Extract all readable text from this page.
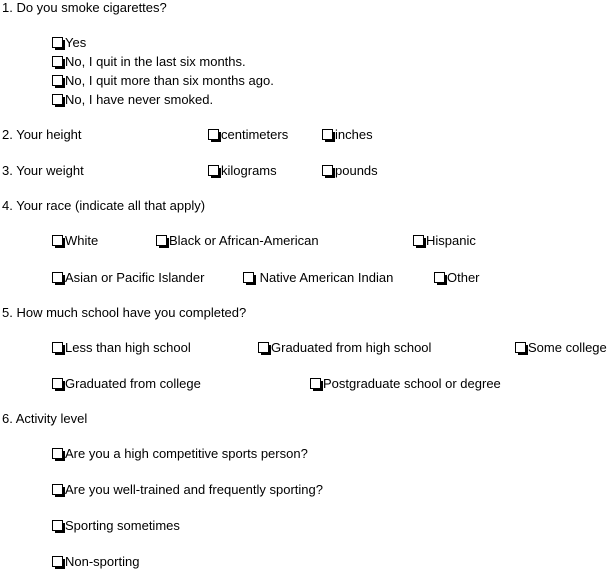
1. Do you smoke cigarettes?
Yes
No, I quit in the last six months.
No, I quit more than six months ago.
No, I have never smoked.
2. Your height	centimeters	inches
3. Your weight	kilograms	pounds
4. Your race (indicate all that apply)
White	Black or African-American	Hispanic
Asian or Pacific Islander	Native American Indian	Other
5. How much school have you completed?
Less than high school	Graduated from high school	Some college
Graduated from college	Postgraduate school or degree
6. Activity level
Are you a high competitive sports person?
Are you well-trained and frequently sporting?
Sporting sometimes
Non-sporting
